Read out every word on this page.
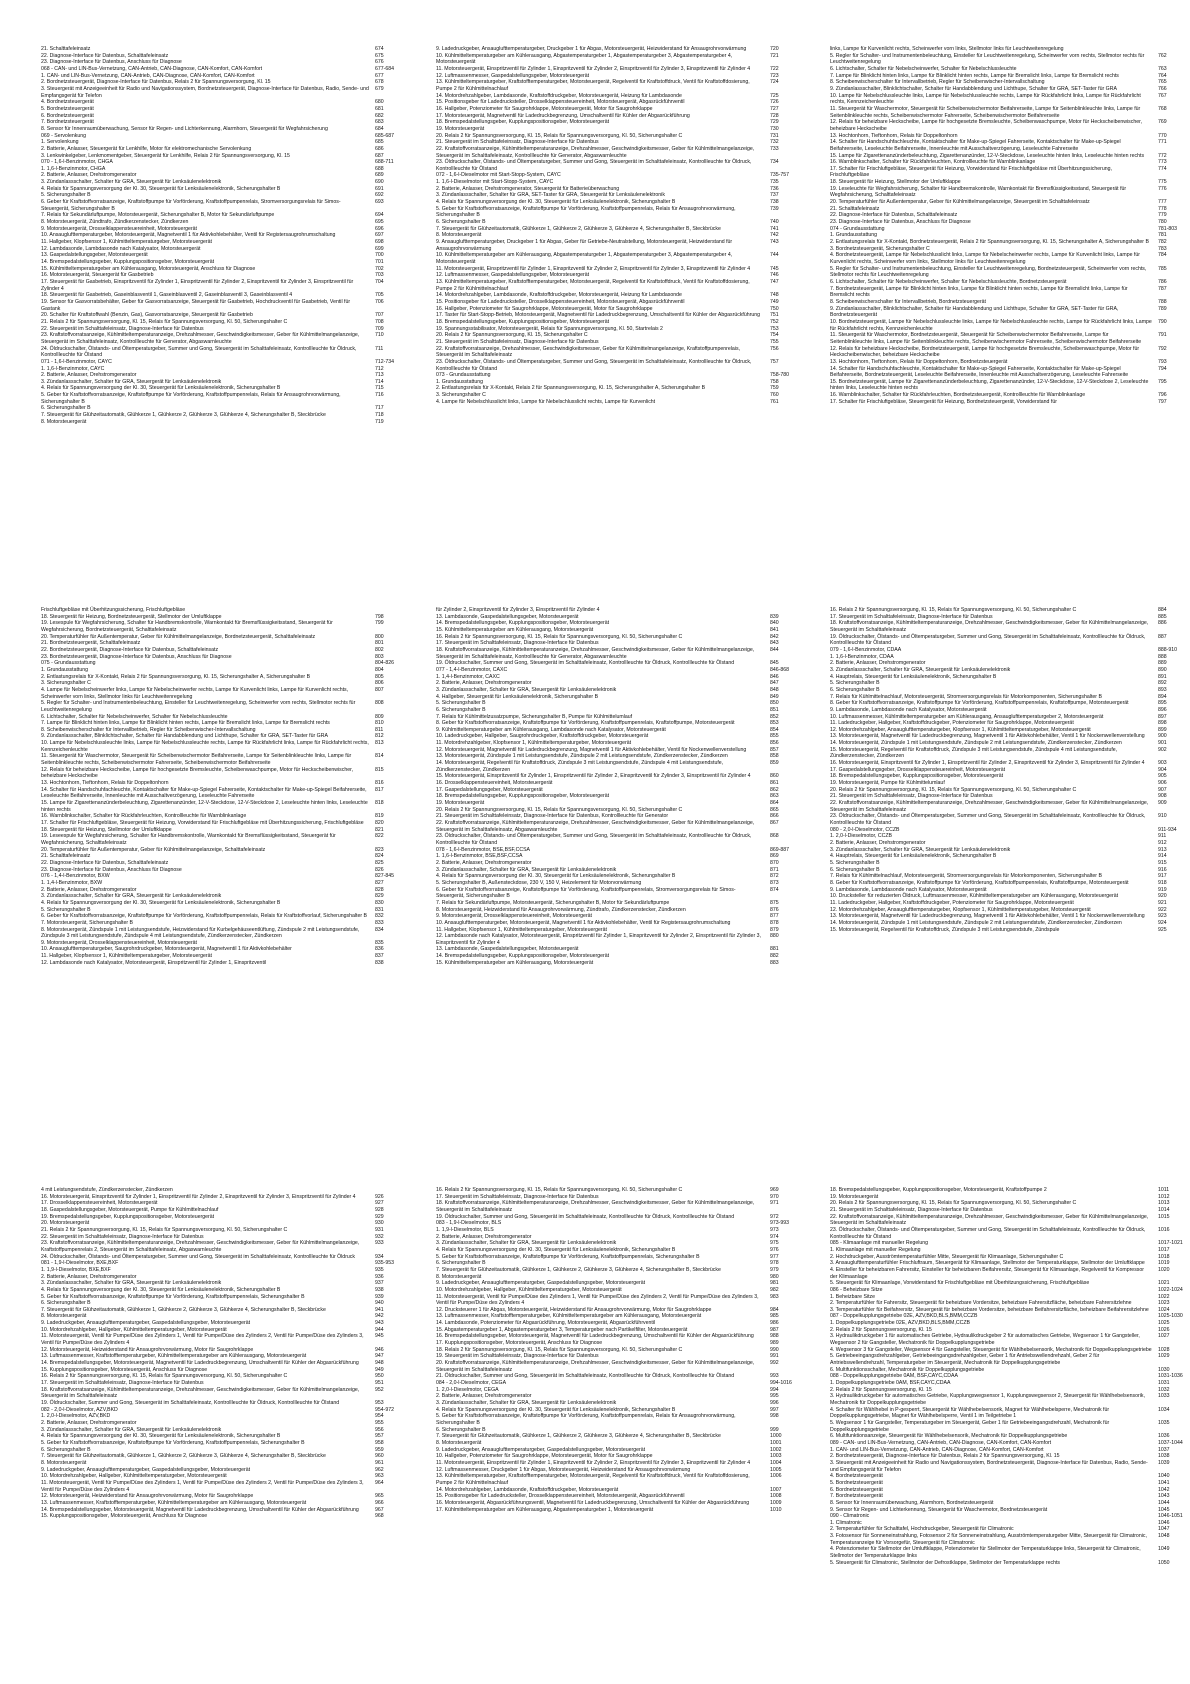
21. Schalttafeleinsatz	674
22. Diagnose-Interface für Datenbus, Schalttafeleinsatz	675
23. Diagnose-Interface für Datenbus, Anschluss für Diagnose	676
068 - CAN- und LIN-Bus-Vernetzung, CAN-Antrieb, CAN-Diagnose, CAN-Komfort, CAN-Komfort	677-684
1. CAN- und LIN-Bus-Vernetzung, CAN-Antrieb, CAN-Diagnose, CAN-Komfort, CAN-Komfort	677
2. Bordnetzsteuergerät, Diagnose-Interface für Datenbus, Relais 2 für Spannungsversorgung, Kl. 15	678
3. Steuergerät mit Anzeigeeinheit für Radio und Navigationssystem, Bordnetzsteuergerät, Diagnose-Interface für Datenbus, Radio, Sende- und Empfangsgerät für Telefon
679
4. Bordnetzsteuergerät	680
5. Bordnetzsteuergerät	681
6. Bordnetzsteuergerät	682
7. Bordnetzsteuergerät	683
8. Sensor für Innenraumüberwachung, Sensor für Regen- und Lichterkennung, Alarmhorn, Steuergerät für Wegfahrsicherung	684
069 - Servolenkung	685-687
1. Servolenkung	685
2. Batterie, Anlasser, Steuergerät für Lenkhilfe, Motor für elektromechanische Servolenkung	686
3. Lenkwinkelgeber, Lenkmomentgeber, Steuergerät für Lenkhilfe, Relais 2 für Spannungsversorgung, Kl. 15	687
070 - 1,6-l-Benzinmotor, CHGA	688-711
1. 1,6-l-Benzinmotor, CHGA	688
2. Batterie, Anlasser, Drehstromgenerator	689
3. Zündanlassschalter, Schalter für GRA, Steuergerät für Lenksäulenelektronik	690
4. Relais für Spannungsversorgung der Kl. 30, Steuergerät für Lenksäulenelektronik, Sicherungshalter B	691
5. Sicherungshalter B	692
6. Geber für Kraftstoffvorratsanzeige, Kraftstoffpumpe für Vorförderung, Kraftstoffpumpenrelais, Stromversorgungsrelais für Simos-Steuergerät, Sicherungshalter B
693
7. Relais für Sekundärluftpumpe, Motorsteuergerät, Sicherungshalter B, Motor für Sekundärluftpumpe	694
8. Motorsteuergerät, Zündtrafo, Zündkerzenstecker, Zündkerzen	695
9. Motorsteuergerät, Drosselklappensteuereinheit, Motorsteuergerät	696
10. Ansauglufttemperaturgeber, Motorsteuergerät, Magnetventil 1 für Aktivkohlebehälter, Ventil für Registersaugrohrumschaltung	697
11. Hallgeber, Klopfsensor 1, Kühlmitteltemperaturgeber, Motorsteuergerät	698
12. Lambdasonde, Lambdasonde nach Katalysator, Motorsteuergerät	699
13. Gaspedalstellungsgeber, Motorsteuergerät	700
14. Bremspedalstellungsgeber, Kupplungspositionsgeber, Motorsteuergerät	701
15. Kühlmitteltemperaturgeber am Kühlerausgang, Motorsteuergerät, Anschluss für Diagnose	702
16. Motorsteuergerät, Steuergerät für Gasbetrieb	703
17. Steuergerät für Gasbetrieb, Einspritzventil für Zylinder 1, Einspritzventil für Zylinder 2, Einspritzventil für Zylinder 3, Einspritzventil für Zylinder 4
704
18. Steuergerät für Gasbetrieb, Gaseinblasventil 1, Gaseinblasventil 2, Gaseinblasventil 3, Gaseinblasventil 4	705
19. Sensor für Gasvorratsbehälter, Geber für Gasvorratsanzeige, Steuergerät für Gasbetrieb, Hochdruckventil für Gasbetrieb, Ventil für Gastank
706
20. Schalter für Kraftstoffwahl (Benzin, Gas), Gasvorratsanzeige, Steuergerät für Gasbetrieb	707
21. Relais 2 für Spannungsversorgung, Kl. 15, Relais für Spannungsversorgung, Kl. 50, Sicherungshalter C	708
22. Steuergerät im Schalttafeleinsatz, Diagnose-Interface für Datenbus	709
23. Kraftstoffvorratsanzeige, Kühlmitteltemperaturanzeige, Drehzahlmesser, Geschwindigkeitsmesser, Geber für Kühlmittelmangelanzeige, Steuergerät im Schalttafeleinsatz, Kontrollleuchte für Generator, Abgaswarnleuchte
710
24. Öldruckschalter, Ölstands- und Öltemperaturgeber, Summer und Gong, Steuergerät im Schalttafeleinsatz, Kontrollleuchte für Öldruck, Kontrollleuchte für Ölstand
711
071 - 1,6-l-Benzinmotor, CAYC	712-734
1. 1,6-l-Benzinmotor, CAYC	712
2. Batterie, Anlasser, Drehstromgenerator	713
3. Zündanlassschalter, Schalter für GRA, Steuergerät für Lenksäulenelektronik	714
4. Relais für Spannungsversorgung der Kl. 30, Steuergerät für Lenksäulenelektronik, Sicherungshalter B	715
5. Geber für Kraftstoffvorratsanzeige, Kraftstoffpumpe für Vorförderung, Kraftstoffpumpenrelais, Relais für Ansaugrohrvorwärmung, Sicherungshalter B
716
6. Sicherungshalter B	717
7. Steuergerät für Glühzeitautomatik, Glühkerze 1, Glühkerze 2, Glühkerze 3, Glühkerze 4, Sicherungshalter B, Steckbrücke	718
8. Motorsteuergerät	719
9. Ladedruckgeber, Ansauglufttemperaturgeber, Druckgeber 1 für Abgas, Motorsteuergerät, Heizwiderstand für Ansaugrohrvorwärmung	720
10. Kühlmitteltemperaturgeber am Kühlerausgang, Abgastemperaturgeber 1, Abgastemperaturgeber 3, Abgastemperaturgeber 4, Motorsteuergerät
721
11. Motorsteuergerät, Einspritzventil für Zylinder 1, Einspritzventil für Zylinder 2, Einspritzventil für Zylinder 3, Einspritzventil für Zylinder 4	722
12. Luftmassenmesser, Gaspedalstellungsgeber, Motorsteuergerät	723
13. Kühlmitteltemperaturgeber, Kraftstofftemperaturgeber, Motorsteuergerät, Regelventil für Kraftstoffdruck, Ventil für Kraftstoffdosierung, Pumpe 2 für Kühlmittelnachlauf
724
14. Motordrehzahlgeber, Lambdasonde, Kraftstoffdruckgeber, Motorsteuergerät, Heizung für Lambdasonde	725
15. Positionsgeber für Ladedrucksteller, Drosselklappensteuereinheit, Motorsteuergerät, Abgasrückführventil	726
16. Hallgeber, Potenziometer für Saugrohrklappe, Motorsteuergerät, Motor für Saugrohrklappe	727
17. Motorsteuergerät, Magnetventil für Ladedruckbegrenzung, Umschaltventil für Kühler der Abgasrückführung	728
18. Bremspedalstellungsgeber, Kupplungspositionsgeber, Motorsteuergerät	729
19. Motorsteuergerät	730
20. Relais 2 für Spannungsversorgung, Kl. 15, Relais für Spannungsversorgung, Kl. 50, Sicherungshalter C	731
21. Steuergerät im Schalttafeleinsatz, Diagnose-Interface für Datenbus	732
22. Kraftstoffvorratsanzeige, Kühlmitteltemperaturanzeige, Drehzahlmesser, Geschwindigkeitsmesser, Geber für Kühlmittelmangelanzeige, Steuergerät im Schalttafeleinsatz, Kontrollleuchte für Generator, Abgaswarnleuchte
733
23. Öldruckschalter, Ölstands- und Öltemperaturgeber, Summer und Gong, Steuergerät im Schalttafeleinsatz, Kontrollleuchte für Öldruck, Kontrollleuchte für Ölstand
734
072 - 1,6-l-Dieselmotor mit Start-Stopp-System, CAYC	735-757
1. 1,6-l-Dieselmotor mit Start-Stopp-System, CAYC	735
2. Batterie, Anlasser, Drehstromgenerator, Steuergerät für Batterieüberwachung	736
3. Zündanlassschalter, Schalter für GRA, SET-Taster für GRA, Steuergerät für Lenksäulenelektronik	737
4. Relais für Spannungsversorgung der Kl. 30, Steuergerät für Lenksäulenelektronik, Sicherungshalter B	738
5. Geber für Kraftstoffvorratsanzeige, Kraftstoffpumpe für Vorförderung, Kraftstoffpumpenrelais, Relais für Ansaugrohrvorwärmung, Sicherungshalter B
739
6. Sicherungshalter B	740
7. Steuergerät für Glühzeitautomatik, Glühkerze 1, Glühkerze 2, Glühkerze 3, Glühkerze 4, Sicherungshalter B, Steckbrücke	741
8. Motorsteuergerät	742
9. Ansauglufttemperaturgeber, Druckgeber 1 für Abgas, Geber für Getriebe-Neutralstellung, Motorsteuergerät, Heizwiderstand für Ansaugrohrvorwärmung
743
10. Kühlmitteltemperaturgeber am Kühlerausgang, Abgastemperaturgeber 1, Abgastemperaturgeber 3, Abgastemperaturgeber 4, Motorsteuergerät
744
11. Motorsteuergerät, Einspritzventil für Zylinder 1, Einspritzventil für Zylinder 2, Einspritzventil für Zylinder 3, Einspritzventil für Zylinder 4	745
12. Luftmassenmesser, Gaspedalstellungsgeber, Motorsteuergerät	746
13. Kühlmitteltemperaturgeber, Kraftstofftemperaturgeber, Motorsteuergerät, Regelventil für Kraftstoffdruck, Ventil für Kraftstoffdosierung, Pumpe 2 für Kühlmittelnachlauf
747
14. Motordrehzahlgeber, Lambdasonde, Kraftstoffdruckgeber, Motorsteuergerät, Heizung für Lambdasonde	748
15. Positionsgeber für Ladedrucksteller, Drosselklappensteuereinheit, Motorsteuergerät, Abgasrückführventil	749
16. Hallgeber, Potenziometer für Saugrohrklappe, Motorsteuergerät, Motor für Saugrohrklappe	750
17. Taster für Start-Stopp-Betrieb, Motorsteuergerät, Magnetventil für Ladedruckbegrenzung, Umschaltventil für Kühler der Abgasrückführung	751
18. Bremspedalstellungsgeber, Kupplungspositionsgeber, Motorsteuergerät	752
19. Spannungsstabilisator, Motorsteuergerät, Relais für Spannungsversorgung, Kl. 50, Startrelais 2	753
20. Relais 2 für Spannungsversorgung, Kl. 15, Sicherungshalter C	754
21. Steuergerät im Schalttafeleinsatz, Diagnose-Interface für Datenbus	755
22. Kraftstoffvorratsanzeige, Drehzahlmesser, Geschwindigkeitsmesser, Geber für Kühlmittelmangelanzeige, Kraftstoffpumpenrelais, Steuergerät im Schalttafeleinsatz
756
23. Öldruckschalter, Ölstands- und Öltemperaturgeber, Summer und Gong, Steuergerät im Schalttafeleinsatz, Kontrollleuchte für Öldruck, Kontrollleuchte für Ölstand
757
073 - Grundausstattung	758-780
1. Grundausstattung	758
2. Entlastungsrelais für X-Kontakt, Relais 2 für Spannungsversorgung, Kl. 15, Sicherungshalter A, Sicherungshalter B	759
3. Sicherungshalter C	760
4. Lampe für Nebelschlusslicht links, Lampe für Nebelschlusslicht rechts, Lampe für Kurvenlicht	761
links, Lampe für Kurvenlicht rechts, Scheinwerfer vorn links, Stellmotor links für Leuchtweitenregelung
5. Regler für Schalter- und Instrumentenbeleuchtung, Einsteller für Leuchtweitenregelung, Scheinwerfer vorn rechts, Stellmotor rechts für Leuchtweitenregelung
762
6. Lichtschalter, Schalter für Nebelscheinwerfer, Schalter für Nebelschlussleuchte	763
7. Lampe für Blinklicht hinten links, Lampe für Blinklicht hinten rechts, Lampe für Bremslicht links, Lampe für Bremslicht rechts	764
8. Scheibenwischerschalter für Intervallbetrieb, Regler für Scheibenwischer-Intervallschaltung	765
9. Zündanlassschalter, Blinklichtschalter, Schalter für Handabblendung und Lichthupe, Schalter für GRA, SET-Taster für GRA	766
10. Lampe für Nebelschlussleuchte links, Lampe für Nebelschlussleuchte rechts, Lampe für Rückfahrlicht links, Lampe für Rückfahrlicht rechts, Kennzeichenleuchte
767
11. Steuergerät für Waschermotor, Steuergerät für Scheibenwischermotor Beifahrerseite, Lampe für Seitenblinkleuchte links, Lampe für Seitenblinkleuchte rechts, Scheibenwischermotor Fahrerseite, Scheibenwischermotor Beifahrerseite
768
12. Relais für beheizbare Heckscheibe, Lampe für hochgesetzte Bremsleuchte, Scheibenwaschpumpe, Motor für Heckscheibenwischer, beheizbare Heckscheibe
769
13. Hochtonhorn, Tieftonhorn, Relais für Doppeltonhorn	770
14. Schalter für Handschuhfachleuchte, Kontaktschalter für Make-up-Spiegel Fahrerseite, Kontaktschalter für Make-up-Spiegel Beifahrerseite, Leseleuchte Beifahrerseite, Innenleuchte mit Ausschaltverzögerung, Leseleuchte Fahrerseite
771
15. Lampe für Zigarettenanzünderbeleuchtung, Zigarettenanzünder, 12-V-Steckdose, Leseleuchte hinten links, Leseleuchte hinten rechts	772
16. Warnblinkschalter, Schalter für Rückfahrleuchten, Kontrollleuchte für Warnblinkanlage	773
17. Schalter für Frischluftgebläse, Steuergerät für Heizung, Vorwiderstand für Frischluftgebläse mit Überhitzungssicherung, Frischluftgebläse
774
18. Steuergerät für Heizung, Stellmotor der Umluftklappe	775
19. Leseleuchte für Wegfahrsicherung, Schalter für Handbremskontrolle, Warnkontakt für Bremsflüssigkeitsstand, Steuergerät für Wegfahrsicherung, Schalttafeleinsatz
776
20. Temperaturfühler für Außentemperatur, Geber für Kühlmittelmangelanzeige, Steuergerät im Schalttafeleinsatz	777
21. Schalttafeleinsatz	778
22. Diagnose-Interface für Datenbus, Schalttafeleinsatz	779
23. Diagnose-Interface für Datenbus, Anschluss für Diagnose	780
074 - Grundausstattung	781-803
1. Grundausstattung	781
2. Entlastungsrelais für X-Kontakt, Bordnetzsteuergerät, Relais 2 für Spannungsversorgung, Kl. 15, Sicherungshalter A, Sicherungshalter B	782
3. Bordnetzsteuergerät, Sicherungshalter C	783
4. Bordnetzsteuergerät, Lampe für Nebelschlusslicht links, Lampe für Nebelscheinwerfer rechts, Lampe für Kurvenlicht links, Lampe für Kurvenlicht rechts, Scheinwerfer vorn links, Stellmotor links für Leuchtweitenregelung
784
5. Regler für Schalter- und Instrumentenbeleuchtung, Einsteller für Leuchtweitenregelung, Bordnetzsteuergerät, Scheinwerfer vorn rechts, Stellmotor rechts für Leuchtweitenregelung
785
6. Lichtschalter, Schalter für Nebelscheinwerfer, Schalter für Nebelschlussleuchte, Bordnetzsteuergerät	786
7. Bordnetzsteuergerät, Lampe für Blinklicht hinten links, Lampe für Blinklicht hinten rechts, Lampe für Bremslicht links, Lampe für Bremslicht rechts
787
8. Scheibenwischerschalter für Intervallbetrieb, Bordnetzsteuergerät	788
9. Zündanlassschalter, Blinklichtschalter, Schalter für Handabblendung und Lichthupe, Schalter für GRA, SET-Taster für GRA, Bordnetzsteuergerät
789
10. Bordnetzsteuergerät, Lampe für Nebelschlussleuchte links, Lampe für Nebelschlussleuchte rechts, Lampe für Rückfahrlicht links, Lampe für Rückfahrlicht rechts, Kennzeichenleuchte
790
11. Steuergerät für Waschermotor, Bordnetzsteuergerät, Steuergerät für Scheibenwischermotor Beifahrerseite, Lampe für Seitenblinkleuchte links, Lampe für Seitenblinkleuchte rechts, Scheibenwischermotor Fahrerseite, Scheibenwischermotor Beifahrerseite
791
12. Relais für beheizbare Heckscheibe, Bordnetzsteuergerät, Lampe für hochgesetzte Bremsleuchte, Scheibenwaschpumpe, Motor für Heckscheibenwischer, beheizbare Heckscheibe
792
13. Hochtonhorn, Tieftonhorn, Relais für Doppeltonhorn, Bordnetzsteuergerät	793
14. Schalter für Handschuhfachleuchte, Kontaktschalter für Make-up-Spiegel Fahrerseite, Kontaktschalter für Make-up-Spiegel Beifahrerseite, Bordnetzsteuergerät, Leseleuchte Beifahrerseite, Innenleuchte mit Ausschaltverzögerung, Leseleuchte Fahrerseite
794
15. Bordnetzsteuergerät, Lampe für Zigarettenanzünderbeleuchtung, Zigarettenanzünder, 12-V-Steckdose, 12-V-Steckdose 2, Leseleuchte hinten links, Leseleuchte hinten rechts
795
16. Warnblinkschalter, Schalter für Rückfahrleuchten, Bordnetzsteuergerät, Kontrollleuchte für Warnblinkanlage	796
17. Schalter für Frischluftgebläse, Steuergerät für Heizung, Bordnetzsteuergerät, Vorwiderstand für	797
Frischluftgebläse mit Überhitzungssicherung, Frischluftgebläse
18. Steuergerät für Heizung, Bordnetzsteuergerät, Stellmotor der Umluftklappe	798
19. Lesespule für Wegfahrsicherung, Schalter für Handbremskontrolle, Warnkontakt für Bremsflüssigkeitsstand, Steuergerät für Wegfahrsicherung, Bordnetzsteuergerät, Schalttafeleinsatz
799
20. Temperaturfühler für Außentemperatur, Geber für Kühlmittelmangelanzeige, Bordnetzsteuergerät, Schalttafeleinsatz	800
21. Bordnetzsteuergerät, Schalttafeleinsatz	801
22. Bordnetzsteuergerät, Diagnose-Interface für Datenbus, Schalttafeleinsatz	802
23. Bordnetzsteuergerät, Diagnose-Interface für Datenbus, Anschluss für Diagnose	803
075 - Grundausstattung	804-826
1. Grundausstattung	804
2. Entlastungsrelais für X-Kontakt, Relais 2 für Spannungsversorgung, Kl. 15, Sicherungshalter A, Sicherungshalter B	805
3. Sicherungshalter C	806
4. Lampe für Nebelscheinwerfer links, Lampe für Nebelscheinwerfer rechts, Lampe für Kurvenlicht links, Lampe für Kurvenlicht rechts, Scheinwerfer vorn links, Stellmotor links für Leuchtweitenregelung
807
5. Regler für Schalter- und Instrumentenbeleuchtung, Einsteller für Leuchtweitenregelung, Scheinwerfer vorn rechts, Stellmotor rechts für Leuchtweitenregelung
808
6. Lichtschalter, Schalter für Nebelscheinwerfer, Schalter für Nebelschlussleuchte	809
7. Lampe für Blinklicht hinten links, Lampe für Blinklicht hinten rechts, Lampe für Bremslicht links, Lampe für Bremslicht rechts	810
8. Scheibenwischerschalter für Intervallbetrieb, Regler für Scheibenwischer-Intervallschaltung	811
9. Zündanlassschalter, Blinklichtschalter, Schalter für Handabblendung und Lichthupe, Schalter für GRA, SET-Taster für GRA	812
10. Lampe für Nebelschlussleuchte links, Lampe für Nebelschlussleuchte rechts, Lampe für Rückfahrlicht links, Lampe für Rückfahrlicht rechts, Kennzeichenleuchte
813
11. Steuergerät für Waschermotor, Steuergerät für Scheibenwischermotor Beifahrerseite, Lampe für Seitenblinkleuchte links, Lampe für Seitenblinkleuchte rechts, Scheibenwischermotor Fahrerseite, Scheibenwischermotor Beifahrerseite
814
12. Relais für beheizbare Heckscheibe, Lampe für hochgesetzte Bremsleuchte, Scheibenwaschpumpe, Motor für Heckscheibenwischer, beheizbare Heckscheibe
815
13. Hochtonhorn, Tieftonhorn, Relais für Doppeltonhorn	816
14. Schalter für Handschuhfachleuchte, Kontaktschalter für Make-up-Spiegel Fahrerseite, Kontaktschalter für Make-up-Spiegel Beifahrerseite, Leseleuchte Beifahrerseite, Innenleuchte mit Ausschaltverzögerung, Leseleuchte Fahrerseite
817
15. Lampe für Zigarettenanzünderbeleuchtung, Zigarettenanzünder, 12-V-Steckdose, 12-V-Steckdose 2, Leseleuchte hinten links, Leseleuchte hinten rechts
818
16. Warnblinkschalter, Schalter für Rückfahrleuchten, Kontrollleuchte für Warnblinkanlage	819
17. Schalter für Frischluftgebläse, Steuergerät für Heizung, Vorwiderstand für Frischluftgebläse mit Überhitzungssicherung, Frischluftgebläse	820
18. Steuergerät für Heizung, Stellmotor der Umluftklappe	821
19. Leseespule für Wegfahrsicherung, Schalter für Handbremskontrolle, Warnkontakt für Bremsflüssigkeitsstand, Steuergerät für Wegfahrsicherung, Schalttafeleinsatz
822
20. Temperaturfühler für Außentemperatur, Geber für Kühlmittelmangelanzeige, Schalttafeleinsatz	823
21. Schalttafeleinsatz	824
22. Diagnose-Interface für Datenbus, Schalttafeleinsatz	825
23. Diagnose-Interface für Datenbus, Anschluss für Diagnose	826
076 - 1,4-l-Benzinmotor, BXW	827-845
1. 1,4-l-Benzinmotor, BXW	827
2. Batterie, Anlasser, Drehstromgenerator	828
3. Zündanlassschalter, Schalter für GRA, Steuergerät für Lenksäulenelektronik	829
4. Relais für Spannungsversorgung der Kl. 30, Steuergerät für Lenksäulenelektronik, Sicherungshalter B	830
5. Sicherungshalter B	831
6. Geber für Kraftstoffvorratsanzeige, Kraftstoffpumpe für Vorförderung, Kraftstoffpumpenrelais, Relais für Kraftstoffvorlauf, Sicherungshalter B	832
7. Motorsteuergerät, Sicherungshalter B	833
8. Motorsteuergerät, Zündspule 1 mit Leistungsendstufe, Heizwiderstand für Kurbelgehäuseentlüftung, Zündspule 2 mit Leistungsendstufe, Zündspule 3 mit Leistungsendstufe, Zündspule 4 mit Leistungsendstufe, Zündkerzenstecker, Zündkerzen
834
9. Motorsteuergerät, Drosselklappensteuereinheit, Motorsteuergerät	835
10. Ansauglufttemperaturgeber, Saugrohrdruckgeber, Motorsteuergerät, Magnetventil 1 für Aktivkohlebehälter	836
11. Hallgeber, Klopfsensor 1, Kühlmitteltemperaturgeber, Motorsteuergerät	837
12. Lambdasonde nach Katalysator, Motorsteuergerät, Einspritzventil für Zylinder 1, Einspritzventil	838
für Zylinder 2, Einspritzventil für Zylinder 3, Einspritzventil für Zylinder 4
13. Lambdasonde, Gaspedalstellungsgeber, Motorsteuergerät	839
14. Bremspedalstellungsgeber, Kupplungspositionsgeber, Motorsteuergerät	840
15. Kühlmitteltemperaturgeber am Kühlerausgang, Motorsteuergerät	841
16. Relais 2 für Spannungsversorgung, Kl. 15, Relais für Spannungsversorgung, Kl. 50, Sicherungshalter C	842
17. Steuergerät im Schalttafeleinsatz, Diagnose-Interface für Datenbus	843
18. Kraftstoffvorratsanzeige, Kühlmitteltemperaturanzeige, Drehzahlmesser, Geschwindigkeitsmesser, Geber für Kühlmittelmangelanzeige, Steuergerät im Schalttafeleinsatz, Kontrollleuchte für Generator, Abgaswarnleuchte
844
19. Öldruckschalter, Summer und Gong, Steuergerät im Schalttafeleinsatz, Kontrollleuchte für Öldruck, Kontrollleuchte für Ölstand	845
077 - 1,4-l-Benzinmotor, CAXC	846-868
1. 1,4-l-Benzinmotor, CAXC	846
2. Batterie, Anlasser, Drehstromgenerator	847
3. Zündanlassschalter, Schalter für GRA, Steuergerät für Lenksäulenelektronik	848
4. Hallgeber, Steuergerät für Lenksäulenelektronik, Sicherungshalter B	849
5. Sicherungshalter B	850
6. Sicherungshalter B	851
7. Relais für Kühlmittelzusatzpumpe, Sicherungshalter B, Pumpe für Kühlmittelumlauf	852
8. Geber für Kraftstoffvorratsanzeige, Kraftstoffpumpe für Vorförderung, Kraftstoffpumpenrelais, Kraftstoffpumpe, Motorsteuergerät	853
9. Kühlmitteltemperaturgeber am Kühlerausgang, Lambdasonde nach Katalysator, Motorsteuergerät	854
10. Ladedruckgeber, Hallgeber, Saugrohrdruckgeber, Kraftstoffdruckgeber, Motorsteuergerät	855
11. Motordrehzahlgeber, Klopfsensor 1, Kühlmitteltemperaturgeber, Motorsteuergerät	856
12. Motorsteuergerät, Magnetventil für Ladedruckbegrenzung, Magnetventil 1 für Aktivkohlebehälter, Ventil für Nockenwellenverstellung	857
13. Motorsteuergerät, Zündspule 1 mit Leistungsendstufe, Zündspule 2 mit Leistungsendstufe, Zündkerzenstecker, Zündkerzen	858
14. Motorsteuergerät, Regelventil für Kraftstoffdruck, Zündspule 3 mit Leistungsendstufe, Zündspule 4 mit Leistungsendstufe, Zündkerzenstecker, Zündkerzen
859
15. Motorsteuergerät, Einspritzventil für Zylinder 1, Einspritzventil für Zylinder 2, Einspritzventil für Zylinder 3, Einspritzventil für Zylinder 4	860
16. Drosselklappensteuereinheit, Motorsteuergerät	861
17. Gaspedalstellungsgeber, Motorsteuergerät	862
18. Bremspedalstellungsgeber, Kupplungspositionsgeber, Motorsteuergerät	863
19. Motorsteuergerät	864
20. Relais 2 für Spannungsversorgung, Kl. 15, Relais für Spannungsversorgung, Kl. 50, Sicherungshalter C	865
21. Steuergerät im Schalttafeleinsatz, Diagnose-Interface für Datenbus, Kontrollleuchte für Generator	866
22. Kraftstoffvorratsanzeige, Kühlmitteltemperaturanzeige, Drehzahlmesser, Geschwindigkeitsmesser, Geber für Kühlmittelmangelanzeige, Steuergerät im Schalttafeleinsatz, Abgaswarnleuchte
867
23. Öldruckschalter, Ölstands- und Öltemperaturgeber, Summer und Gong, Steuergerät im Schalttafeleinsatz, Kontrollleuchte für Öldruck, Kontrollleuchte für Ölstand
868
078 - 1,6-l-Benzinmotor, BSE,BSF,CCSA	869-887
1. 1,6-l-Benzinmotor, BSE,BSF,CCSA	869
2. Batterie, Anlasser, Drehstromgenerator	870
3. Zündanlassschalter, Schalter für GRA, Steuergerät für Lenksäulenelektronik	871
4. Relais für Spannungsversorgung der Kl. 30, Steuergerät für Lenksäulenelektronik, Sicherungshalter B	872
5. Sicherungshalter B, Außensteckdose, 230 V, 150 V, Heizelement für Motorvorwärmung	873
6. Geber für Kraftstoffvorratsanzeige, Kraftstoffpumpe für Vorförderung, Kraftstoffpumpenrelais, Stromversorgungsrelais für Simos-Steuergerät, Sicherungshalter B
874
7. Relais für Sekundärluftpumpe, Motorsteuergerät, Sicherungshalter B, Motor für Sekundärluftpumpe	875
8. Motorsteuergerät, Heizwiderstand für Ansaugrohrvorwärmung, Zündtrafo, Zündkerzenstecker, Zündkerzen	876
9. Motorsteuergerät, Drosselklappensteuereinheit, Motorsteuergerät	877
10. Ansauglufttemperaturgeber, Motorsteuergerät, Magnetventil 1 für Aktivkohlebehälter, Ventil für Registersaugrohrumschaltung	878
11. Hallgeber, Klopfsensor 1, Kühlmitteltemperaturgeber, Motorsteuergerät	879
12. Lambdasonde nach Katalysator, Motorsteuergerät, Einspritzventil für Zylinder 1, Einspritzventil für Zylinder 2, Einspritzventil für Zylinder 3, Einspritzventil für Zylinder 4
880
13. Lambdasonde, Gaspedalstellungsgeber, Motorsteuergerät	881
14. Bremspedalstellungsgeber, Kupplungspositionsgeber, Motorsteuergerät	882
15. Kühlmitteltemperaturgeber am Kühlerausgang, Motorsteuergerät	883
16. Relais 2 für Spannungsversorgung, Kl. 15, Relais für Spannungsversorgung, Kl. 50, Sicherungshalter C	884
17. Steuergerät im Schalttafeleinsatz, Diagnose-Interface für Datenbus	885
18. Kraftstoffvorratsanzeige, Kühlmitteltemperaturanzeige, Drehzahlmesser, Geschwindigkeitsmesser, Geber für Kühlmittelmangelanzeige, Steuergerät im Schalttafeleinsatz
886
19. Öldruckschalter, Ölstands- und Öltemperaturgeber, Summer und Gong, Steuergerät im Schalttafeleinsatz, Kontrollleuchte für Öldruck, Kontrollleuchte für Ölstand
887
079 - 1,6-l-Benzinmotor, CDAA	888-910
1. 1,6-l-Benzinmotor, CDAA	888
2. Batterie, Anlasser, Drehstromgenerator	889
3. Zündanlassschalter, Schalter für GRA, Steuergerät für Lenksäulenelektronik	890
4. Hauptrelais, Steuergerät für Lenksäulenelektronik, Sicherungshalter B	891
5. Sicherungshalter B	892
6. Sicherungshalter B	893
7. Relais für Kühlmittelnachlauf, Motorsteuergerät, Stromversorgungsrelais für Motorkomponenten, Sicherungshalter B	894
8. Geber für Kraftstoffvorratsanzeige, Kraftstoffpumpe für Vorförderung, Kraftstoffpumpenrelais, Kraftstoffpumpe, Motorsteuergerät	895
9. Lambdasonde, Lambdasonde nach Katalysator, Motorsteuergerät	896
10. Luftmassenmesser, Kühlmitteltemperaturgeber am Kühlerausgang, Ansauglufttemperaturgeber 2, Motorsteuergerät	897
11. Ladedruckgeber, Hallgeber, Kraftstoffdruckgeber, Potenziometer für Saugrohrklappe, Motorsteuergerät	898
12. Motordrehzahlgeber, Ansauglufttemperaturgeber, Klopfsensor 1, Kühlmitteltemperaturgeber, Motorsteuergerät	899
13. Motorsteuergerät, Magnetventil für Ladedruckbegrenzung, Magnetventil 1 für Aktivkohlebehälter, Ventil 1 für Nockenwellenverstellung	900
14. Motorsteuergerät, Zündspule 1 mit Leistungsendstufe, Zündspule 2 mit Leistungsendstufe, Zündkerzenstecker, Zündkerzen	901
15. Motorsteuergerät, Regelventil für Kraftstoffdruck, Zündspule 3 mit Leistungsendstufe, Zündspule 4 mit Leistungsendstufe, Zündkerzenstecker, Zündkerzen
902
16. Motorsteuergerät, Einspritzventil für Zylinder 1, Einspritzventil für Zylinder 2, Einspritzventil für Zylinder 3, Einspritzventil für Zylinder 4	903
17. Gaspedalstellungsgeber, Drosselklappensteuereinheit, Motorsteuergerät	904
18. Bremspedalstellungsgeber, Kupplungspositionsgeber, Motorsteuergerät	905
19. Motorsteuergerät, Pumpe für Kühlmittelumlauf	906
20. Relais 2 für Spannungsversorgung, Kl. 15, Relais für Spannungsversorgung, Kl. 50, Sicherungshalter C	907
21. Steuergerät im Schalttafeleinsatz, Diagnose-Interface für Datenbus	908
22. Kraftstoffvorratsanzeige, Kühlmitteltemperaturanzeige, Drehzahlmesser, Geschwindigkeitsmesser, Geber für Kühlmittelmangelanzeige, Steuergerät im Schalttafeleinsatz
909
23. Öldruckschalter, Ölstands- und Öltemperaturgeber, Summer und Gong, Steuergerät im Schalttafeleinsatz, Kontrollleuchte für Öldruck, Kontrollleuchte für Ölstand
910
080 - 2,0-l-Dieselmotor, CCZB	911-934
1. 2,0-l-Dieselmotor, CCZB	911
2. Batterie, Anlasser, Drehstromgenerator	912
3. Zündanlassschalter, Schalter für GRA, Steuergerät für Lenksäulenelektronik	913
4. Hauptrelais, Steuergerät für Lenksäulenelektronik, Sicherungshalter B	914
5. Sicherungshalter B	915
6. Sicherungshalter B	916
7. Relais für Kühlmittelnachlauf, Motorsteuergerät, Stromversorgungsrelais für Motorkomponenten, Sicherungshalter B	917
8. Geber für Kraftstoffvorratsanzeige, Kraftstoffpumpe für Vorförderung, Kraftstoffpumpenrelais, Kraftstoffpumpe, Motorsteuergerät	918
9. Lambdasonde, Lambdasonde nach Katalysator, Motorsteuergerät	919
10. Drucksteller für reduzierten Öldruck, Luftmassenmesser, Kühlmitteltemperaturgeber am Kühlerausgang, Motorsteuergerät	920
11. Ladedruckgeber, Hallgeber, Kraftstoffdruckgeber, Potenziometer für Saugrohrklappe, Motorsteuergerät	921
12. Motordrehzahlgeber, Ansauglufttemperaturgeber, Klopfsensor 1, Kühlmitteltemperaturgeber, Motorsteuergerät	922
13. Motorsteuergerät, Magnetventil für Ladedruckbegrenzung, Magnetventil 1 für Aktivkohlebehälter, Ventil 1 für Nockenwellenverstellung	923
14. Motorsteuergerät, Zündspule 1 mit Leistungsendstufe, Zündspule 2 mit Leistungsendstufe, Zündkerzenstecker, Zündkerzen	924
15. Motorsteuergerät, Regelventil für Kraftstoffdruck, Zündspule 3 mit Leistungsendstufe, Zündspule	925
4 mit Leistungsendstufe, Zündkerzenstecker, Zündkerzen
16. Motorsteuergerät, Einspritzventil für Zylinder 1, Einspritzventil für Zylinder 2, Einspritzventil für Zylinder 3, Einspritzventil für Zylinder 4	926
17. Drosselklappensteuereinheit, Motorsteuergerät	927
18. Gaspedalstellungsgeber, Motorsteuergerät, Pumpe für Kühlmittelnachlauf	928
19. Bremspedalstellungsgeber, Kupplungspositionsgeber, Motorsteuergerät	929
20. Motorsteuergerät	930
21. Relais 2 für Spannungsversorgung, Kl. 15, Relais für Spannungsversorgung, Kl. 50, Sicherungshalter C	931
22. Steuergerät im Schalttafeleinsatz, Diagnose-Interface für Datenbus	932
23. Kraftstoffvorratsanzeige, Kühlmitteltemperaturanzeige, Drehzahlmesser, Geschwindigkeitsmesser, Geber für Kühlmittelmangelanzeige, Kraftstoffpumpenrelais 2, Steuergerät im Schalttafeleinsatz, Abgaswarnleuchte
933
24. Öldruckschalter, Ölstands- und Öltemperaturgeber, Summer und Gong, Steuergerät im Schalttafeleinsatz, Kontrollleuchte für Öldruck	934
081 - 1,9-l-Dieselmotor, BXE,BXF	935-953
1. 1,9-l-Dieselmotor, BXE,BXF	935
2. Batterie, Anlasser, Drehstromgenerator	936
3. Zündanlassschalter, Schalter für GRA, Steuergerät für Lenksäulenelektronik	937
4. Relais für Spannungsversorgung der Kl. 30, Steuergerät für Lenksäulenelektronik, Sicherungshalter B	938
5. Geber für Kraftstoffvorratsanzeige, Kraftstoffpumpe für Vorförderung, Kraftstoffpumpenrelais, Sicherungshalter B	939
6. Sicherungshalter B	940
7. Steuergerät für Glühzeitautomatik, Glühkerze 1, Glühkerze 2, Glühkerze 3, Glühkerze 4, Sicherungshalter B, Steckbrücke	941
8. Motorsteuergerät	942
9. Ladedruckgeber, Ansauglufttemperaturgeber, Gaspedalstellungsgeber, Motorsteuergerät	943
10. Motordrehzahlgeber, Hallgeber, Kühlmitteltemperaturgeber, Motorsteuergerät	944
11. Motorsteuergerät, Ventil für Pumpe/Düse des Zylinders 1, Ventil für Pumpe/Düse des Zylinders 2, Ventil für Pumpe/Düse des Zylinders 3, Ventil für Pumpe/Düse des Zylinders 4
945
12. Motorsteuergerät, Heizwiderstand für Ansaugrohrvorwärmung, Motor für Saugrohrklappe	946
13. Luftmassenmesser, Kraftstofftemperaturgeber, Kühlmitteltemperaturgeber am Kühlerausgang, Motorsteuergerät	947
14. Bremspedalstellungsgeber, Motorsteuergerät, Magnetventil für Ladedruckbegrenzung, Umschaltventil für Kühler der Abgasrückführung	948
15. Kupplungspositionsgeber, Motorsteuergerät, Anschluss für Diagnose	949
16. Relais 2 für Spannungsversorgung, Kl. 15, Relais für Spannungsversorgung, Kl. 50, Sicherungshalter C	950
17. Steuergerät im Schalttafeleinsatz, Diagnose-Interface für Datenbus	951
18. Kraftstoffvorratsanzeige, Kühlmitteltemperaturanzeige, Drehzahlmesser, Geschwindigkeitsmesser, Geber für Kühlmittelmangelanzeige, Steuergerät im Schalttafeleinsatz
952
19. Öldruckschalter, Summer und Gong, Steuergerät im Schalttafeleinsatz, Kontrollleuchte für Öldruck, Kontrollleuchte für Ölstand	953
082 - 2,0-l-Dieselmotor, AZV,BKD	954-972
1. 2,0-l-Dieselmotor, AZV,BKD	954
2. Batterie, Anlasser, Drehstromgenerator	955
3. Zündanlassschalter, Schalter für GRA, Steuergerät für Lenksäulenelektronik	956
4. Relais für Spannungsversorgung der Kl. 30, Steuergerät für Lenksäulenelektronik, Sicherungshalter B	957
5. Geber für Kraftstoffvorratsanzeige, Kraftstoffpumpe für Vorförderung, Kraftstoffpumpenrelais, Sicherungshalter B	958
6. Sicherungshalter B	959
7. Steuergerät für Glühzeitautomatik, Glühkerze 1, Glühkerze 2, Glühkerze 3, Glühkerze 4, Sicherungshalter B, Steckbrücke	960
8. Motorsteuergerät	961
9. Ladedruckgeber, Ansauglufttemperaturgeber, Gaspedalstellungsgeber, Motorsteuergerät	962
10. Motordrehzahlgeber, Hallgeber, Kühlmitteltemperaturgeber, Motorsteuergerät	963
11. Motorsteuergerät, Ventil für Pumpe/Düse des Zylinders 1, Ventil für Pumpe/Düse des Zylinders 2, Ventil für Pumpe/Düse des Zylinders 3, Ventil für Pumpe/Düse des Zylinders 4
964
12. Motorsteuergerät, Heizwiderstand für Ansaugrohrvorwärmung, Motor für Saugrohrklappe	965
13. Luftmassenmesser, Kraftstofftemperaturgeber, Kühlmitteltemperaturgeber am Kühlerausgang, Motorsteuergerät	966
14. Bremspedalstellungsgeber, Motorsteuergerät, Magnetventil für Ladedruckbegrenzung, Umschaltventil für Kühler der Abgasrückführung	967
15. Kupplungspositionsgeber, Motorsteuergerät, Anschluss für Diagnose	968
16. Relais 2 für Spannungsversorgung, Kl. 15, Relais für Spannungsversorgung, Kl. 50, Sicherungshalter C	969
17. Steuergerät im Schalttafeleinsatz, Diagnose-Interface für Datenbus	970
18. Kraftstoffvorratsanzeige, Kühlmitteltemperaturanzeige, Drehzahlmesser, Geschwindigkeitsmesser, Geber für Kühlmittelmangelanzeige, Steuergerät im Schalttafeleinsatz
971
19. Öldruckschalter, Summer und Gong, Steuergerät im Schalttafeleinsatz, Kontrollleuchte für Öldruck, Kontrollleuchte für Ölstand	972
083 - 1,9-l-Dieselmotor, BLS	973-993
1. 1,9-l-Dieselmotor, BLS	973
2. Batterie, Anlasser, Drehstromgenerator	974
3. Zündanlassschalter, Schalter für GRA, Steuergerät für Lenksäulenelektronik	975
4. Relais für Spannungsversorgung der Kl. 30, Steuergerät für Lenksäulenelektronik, Sicherungshalter B	976
5. Geber für Kraftstoffvorratsanzeige, Kraftstoffpumpe für Vorförderung, Kraftstoffpumpenrelais, Sicherungshalter B	977
6. Sicherungshalter B	978
7. Steuergerät für Glühzeitautomatik, Glühkerze 1, Glühkerze 2, Glühkerze 3, Glühkerze 4, Sicherungshalter B, Steckbrücke	979
8. Motorsteuergerät	980
9. Ladedruckgeber, Ansauglufttemperaturgeber, Gaspedalstellungsgeber, Motorsteuergerät	981
10. Motordrehzahlgeber, Hallgeber, Kühlmitteltemperaturgeber, Motorsteuergerät	982
11. Motorsteuergerät, Ventil für Pumpe/Düse des Zylinders 1, Ventil für Pumpe/Düse des Zylinders 2, Ventil für Pumpe/Düse des Zylinders 3, Ventil für Pumpe/Düse des Zylinders 4
983
12. Drucksteuerer 1 für Abgas, Motorsteuergerät, Heizwiderstand für Ansaugrohrvorwärmung, Motor für Saugrohrklappe	984
13. Luftmassenmesser, Kraftstofftemperaturgeber, Kühlmitteltemperaturgeber am Kühlerausgang, Motorsteuergerät	985
14. Lambdasonde, Potenziometer für Abgasrückführung, Motorsteuergerät, Abgasrückführventil	986
15. Abgastemperaturgeber 1, Abgastemperaturgeber 3, Temperaturgeber nach Partikelfilter, Motorsteuergerät	987
16. Bremspedalstellungsgeber, Motorsteuergerät, Magnetventil für Ladedruckbegrenzung, Umschaltventil für Kühler der Abgasrückführung	988
17. Kupplungspositionsgeber, Motorsteuergerät, Anschluss für Diagnose	989
18. Relais 2 für Spannungsversorgung, Kl. 15, Relais für Spannungsversorgung, Kl. 50, Sicherungshalter C	990
19. Steuergerät im Schalttafeleinsatz, Diagnose-Interface für Datenbus	991
20. Kraftstoffvorratsanzeige, Kühlmitteltemperaturanzeige, Drehzahlmesser, Geschwindigkeitsmesser, Geber für Kühlmittelmangelanzeige, Steuergerät im Schalttafeleinsatz
992
21. Öldruckschalter, Summer und Gong, Steuergerät im Schalttafeleinsatz, Kontrollleuchte für Öldruck, Kontrollleuchte für Ölstand	993
084 - 2,0-l-Dieselmotor, CEGA	994-1016
1. 2,0-l-Dieselmotor, CEGA	994
2. Batterie, Anlasser, Drehstromgenerator	995
3. Zündanlassschalter, Schalter für GRA, Steuergerät für Lenksäulenelektronik	996
4. Relais für Spannungsversorgung der Kl. 30, Steuergerät für Lenksäulenelektronik, Sicherungshalter B	997
5. Geber für Kraftstoffvorratsanzeige, Kraftstoffpumpe für Vorförderung, Kraftstoffpumpenrelais, Relais für Ansaugrohrvorwärmung, Sicherungshalter B
998
6. Sicherungshalter B	999
7. Steuergerät für Glühzeitautomatik, Glühkerze 1, Glühkerze 2, Glühkerze 3, Glühkerze 4, Sicherungshalter B, Steckbrücke	1000
8. Motorsteuergerät	1001
9. Ladedruckgeber, Ansauglufttemperaturgeber, Gaspedalstellungsgeber, Motorsteuergerät	1002
10. Hallgeber, Potenziometer für Saugrohrklappe, Motorsteuergerät, Motor für Saugrohrklappe	1003
11. Motorsteuergerät, Einspritzventil für Zylinder 1, Einspritzventil für Zylinder 2, Einspritzventil für Zylinder 3, Einspritzventil für Zylinder 4	1004
12. Luftmassenmesser, Druckgeber 1 für Abgas, Motorsteuergerät, Heizwiderstand für Ansaugrohrvorwärmung	1005
13. Kühlmitteltemperaturgeber, Kraftstofftemperaturgeber, Motorsteuergerät, Regelventil für Kraftstoffdruck, Ventil für Kraftstoffdosierung, Pumpe 2 für Kühlmittelnachlauf
1006
14. Motordrehzahlgeber, Lambdasonde, Kraftstoffdruckgeber, Motorsteuergerät	1007
15. Positionsgeber für Ladedrucksteller, Drosselklappensteuereinheit, Motorsteuergerät, Abgasrückführventil	1008
16. Motorsteuergerät, Abgasrückführungsventil, Magnetventil für Ladedruckbegrenzung, Umschaltventil für Kühler der Abgasrückführung	1009
17. Kühlmitteltemperaturgeber am Kühlerausgang, Abgastemperaturgeber 1, Motorsteuergerät	1010
18. Bremspedalstellungsgeber, Kupplungspositionsgeber, Motorsteuergerät, Kraftstoffpumpe 2	1011
19. Motorsteuergerät	1012
20. Relais 2 für Spannungsversorgung, Kl. 15, Relais für Spannungsversorgung, Kl. 50, Sicherungshalter C	1013
21. Steuergerät im Schalttafeleinsatz, Diagnose-Interface für Datenbus	1014
22. Kraftstoffvorratsanzeige, Kühlmitteltemperaturanzeige, Drehzahlmesser, Geschwindigkeitsmesser, Geber für Kühlmittelmangelanzeige, Steuergerät im Schalttafeleinsatz
1015
23. Öldruckschalter, Ölstands- und Öltemperaturgeber, Summer und Gong, Steuergerät im Schalttafeleinsatz, Kontrollleuchte für Öldruck, Kontrollleuchte für Ölstand
1016
085 - Klimaanlage mit manueller Regelung	1017-1021
1. Klimaanlage mit manueller Regelung	1017
2. Hochdruckgeber, Ausströmtemperaturfühler Mitte, Steuergerät für Klimaanlage, Sicherungshalter C	1018
3. Ansauglufttemperaturfühler Frischluftraum, Steuergerät für Klimaanlage, Stellmotor der Temperaturklappe, Stellmotor der Umluftklappe	1019
4. Einsteller für beheizbaren Fahrersitz, Einsteller für beheizbaren Beifahrersitz, Steuergerät für Klimaanlage, Regelventil für Kompressor der Klimaanlage
1020
5. Steuergerät für Klimaanlage, Vorwiderstand für Frischluftgebläse mit Überhitzungssicherung, Frischluftgebläse	1021
086 - Beheizbare Sitze	1022-1024
1. Beheizbare Sitze	1022
2. Temperaturfühler für Fahrersitz, Steuergerät für beheizbare Vordersitze, beheizbare Fahrersitzfläche, beheizbare Fahrersitzlehne	1023
3. Temperaturfühler für Beifahrersitz, Steuergerät für beheizbare Vordersitze, beheizbare Beifahrersitzfläche, beheizbare Beifahrersitzlehne	1024
087 - Doppelkupplungsgetriebe 02E, AZV,BKD,BLS,BMM,CCZB	1025-1030
1. Doppelkupplungsgetriebe 02E, AZV,BKD,BLS,BMM,CCZB	1025
2. Relais 2 für Spannungsversorgung, Kl. 15	1026
3. Hydraulikdruckgeber 1 für automatisches Getriebe, Hydraulikdruckgeber 2 für automatisches Getriebe, Wegsensor 1 für Gangsteller, Wegsensor 2 für Gangsteller, Mechatronik für Doppelkupplungsgetriebe
1027
4. Wegsensor 3 für Gangsteller, Wegsensor 4 für Gangsteller, Steuergerät für Wählhebelsensorik, Mechatronik für Doppelkupplungsgetriebe	1028
5. Getriebeeingangsdrehzahlgeber, Getriebeeingangsdrehzahlgeber, Geber 1 für Antriebswellendrehzahl, Geber 2 für Antriebswellendrehzahl, Temperaturgeber im Steuergerät, Mechatronik für Doppelkupplungsgetriebe
1029
6. Multifunktionsschalter, Mechatronik für Doppelkupplungsgetriebe	1030
088 - Doppelkupplungsgetriebe 0AM, BSF,CAYC,CDAA	1031-1036
1. Doppelkupplungsgetriebe 0AM, BSF,CAYC,CDAA	1031
2. Relais 2 für Spannungsversorgung, Kl. 15	1032
3. Hydraulikdruckgeber für automatisches Getriebe, Kupplungswegsensor 1, Kupplungswegsensor 2, Steuergerät für Wählhebelsensorik, Mechatronik für Doppelkupplungsgetriebe
1033
4. Schalter für Wählhebel in P-gesperrt, Steuergerät für Wählhebelsensorik, Magnet für Wählhebelsperre, Mechatronik für Doppelkupplungsgetriebe, Magnet für Wählhebelsperre, Ventil 1 im Teilgetriebe 1
1034
5. Wegsensor 1 für Gangsteller, Temperaturgeber im Steuergerät, Geber 1 für Getriebeeingangsdrehzahl, Mechatronik für Doppelkupplungsgetriebe
1035
6. Multifunktionsanzeige, Steuergerät für Wählhebelsensorik, Mechatronik für Doppelkupplungsgetriebe	1036
089 - CAN- und LIN-Bus-Vernetzung, CAN-Antrieb, CAN-Diagnose, CAN-Komfort, CAN-Komfort	1037-1044
1. CAN- und LIN-Bus-Vernetzung, CAN-Antrieb, CAN-Diagnose, CAN-Komfort, CAN-Komfort	1037
2. Bordnetzsteuergerät, Diagnose-Interface für Datenbus, Relais 2 für Spannungsversorgung, Kl. 15	1038
3. Steuergerät mit Anzeigeeinheit für Radio und Navigationssystem, Bordnetzsteuergerät, Diagnose-Interface für Datenbus, Radio, Sende- und Empfangsgerät für Telefon
1039
4. Bordnetzsteuergerät	1040
5. Bordnetzsteuergerät	1041
6. Bordnetzsteuergerät	1042
7. Bordnetzsteuergerät	1043
8. Sensor für Innenraumüberwachung, Alarmhorn, Bordnetzsteuergerät	1044
9. Sensor für Regen- und Lichterkennung, Steuergerät für Waschermotor, Bordnetzsteuergerät	1045
090 - Climatronic	1046-1051
1. Climatronic	1046
2. Temperaturfühler für Schalttafel, Hochdruckgeber, Steuergerät für Climatronic	1047
3. Fotosensor für Sonneneinstrahlung, Fotosensor 2 für Sonneneinstrahlung, Ausströmtemperaturgeber Mitte, Steuergerät für Climatronic, Temperaturanzeige für Vorsorgefür, Steuergerät für Climatronic
1048
4. Potenziometer für Stellmotor der Umluftklappe, Potenziometer für Stellmotor der Temperaturklappe links, Steuergerät für Climatronic, Stellmotor der Temperaturklappe links
1049
5. Steuergerät für Climatronic, Stellmotor der Defrostklappe, Stellmotor der Temperaturklappe rechts	1050
